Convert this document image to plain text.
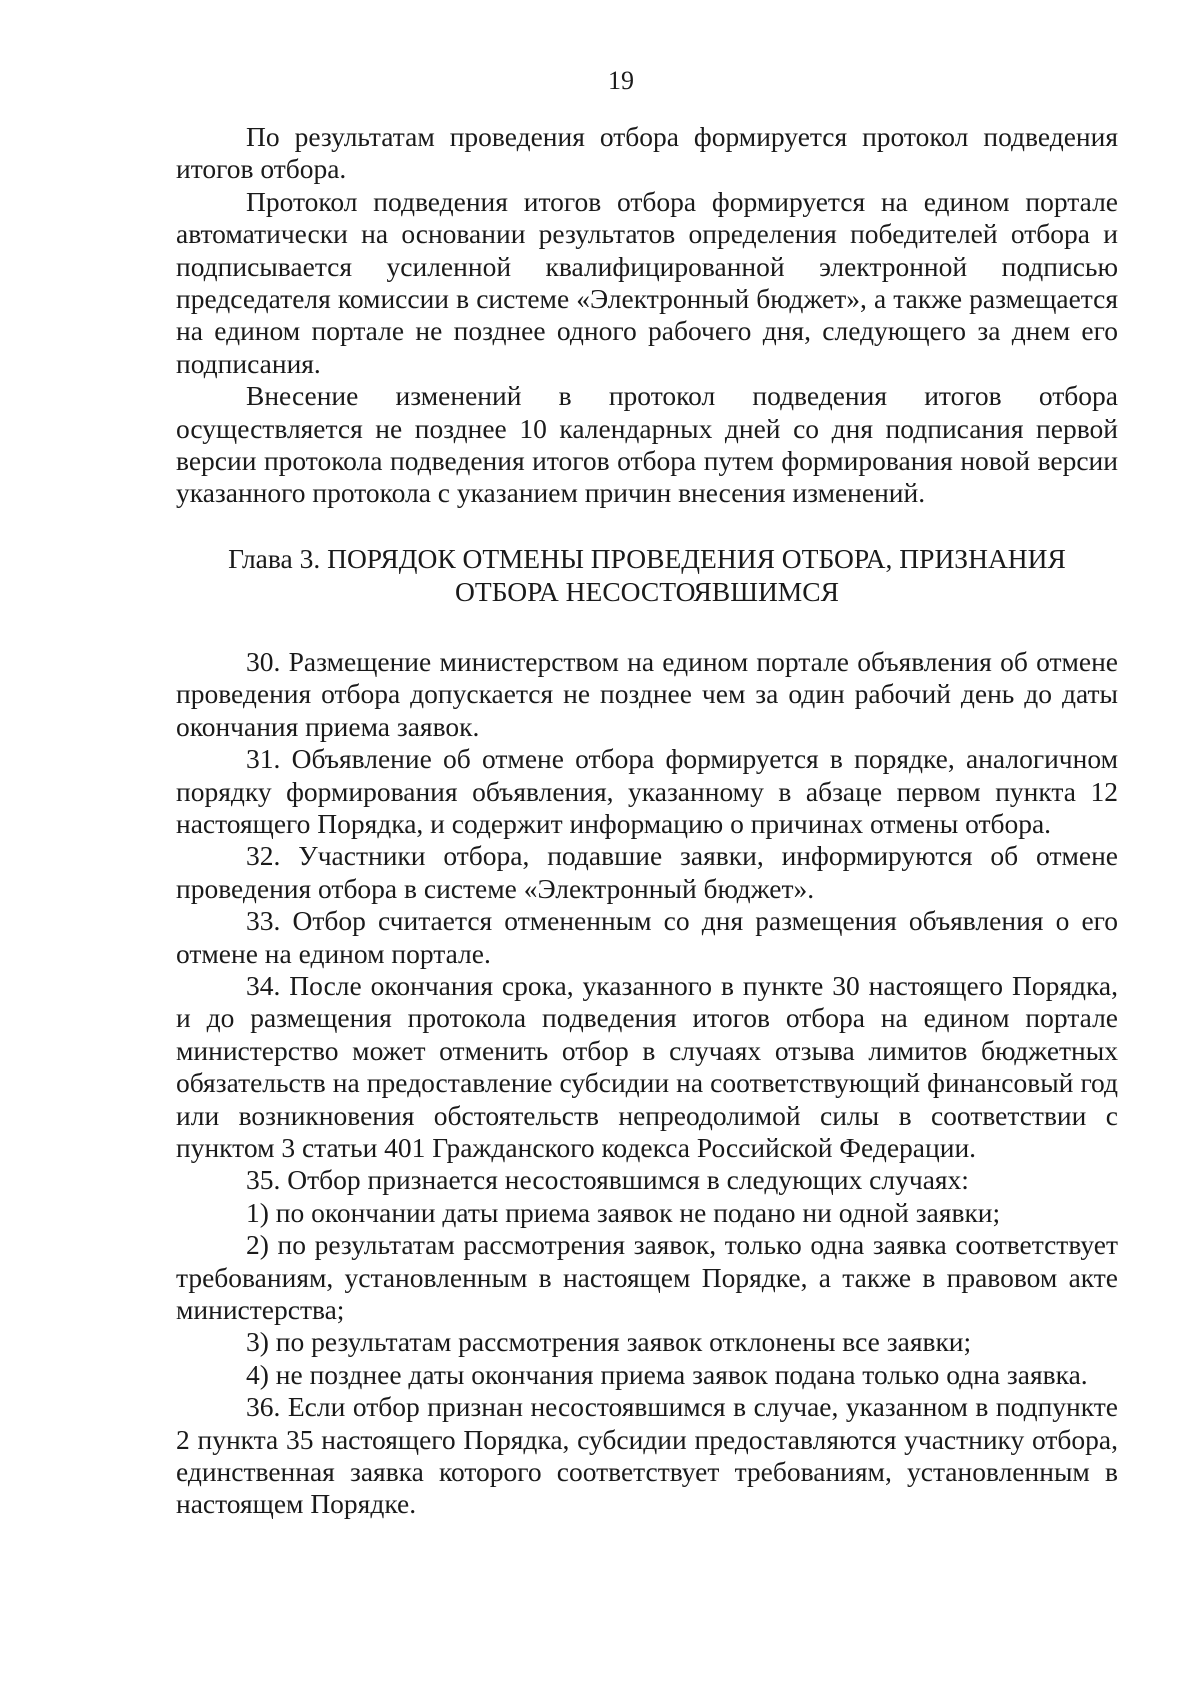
19

По результатам проведения отбора формируется протокол подведения итогов отбора.

Протокол подведения итогов отбора формируется на едином портале автоматически на основании результатов определения победителей отбора и подписывается усиленной квалифицированной электронной подписью председателя комиссии в системе «Электронный бюджет», а также размещается на едином портале не позднее одного рабочего дня, следующего за днем его подписания.

Внесение изменений в протокол подведения итогов отбора осуществляется не позднее 10 календарных дней со дня подписания первой версии протокола подведения итогов отбора путем формирования новой версии указанного протокола с указанием причин внесения изменений.

Глава 3. ПОРЯДОК ОТМЕНЫ ПРОВЕДЕНИЯ ОТБОРА, ПРИЗНАНИЯ
ОТБОРА НЕСОСТОЯВШИМСЯ

30. Размещение министерством на едином портале объявления об отмене проведения отбора допускается не позднее чем за один рабочий день до даты окончания приема заявок.

31. Объявление об отмене отбора формируется в порядке, аналогичном порядку формирования объявления, указанному в абзаце первом пункта 12 настоящего Порядка, и содержит информацию о причинах отмены отбора.

32. Участники отбора, подавшие заявки, информируются об отмене проведения отбора в системе «Электронный бюджет».

33. Отбор считается отмененным со дня размещения объявления о его отмене на едином портале.

34. После окончания срока, указанного в пункте 30 настоящего Порядка, и до размещения протокола подведения итогов отбора на едином портале министерство может отменить отбор в случаях отзыва лимитов бюджетных обязательств на предоставление субсидии на соответствующий финансовый год или возникновения обстоятельств непреодолимой силы в соответствии с пунктом 3 статьи 401 Гражданского кодекса Российской Федерации.

35. Отбор признается несостоявшимся в следующих случаях:

1) по окончании даты приема заявок не подано ни одной заявки;

2) по результатам рассмотрения заявок, только одна заявка соответствует требованиям, установленным в настоящем Порядке, а также в правовом акте министерства;

3) по результатам рассмотрения заявок отклонены все заявки;

4) не позднее даты окончания приема заявок подана только одна заявка.

36. Если отбор признан несостоявшимся в случае, указанном в подпункте 2 пункта 35 настоящего Порядка, субсидии предоставляются участнику отбора, единственная заявка которого соответствует требованиям, установленным в настоящем Порядке.
